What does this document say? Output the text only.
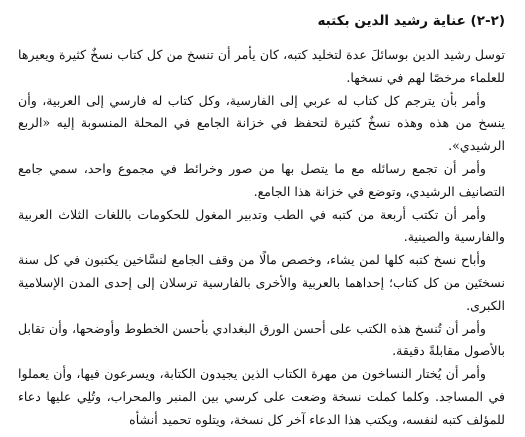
(٢-٢) عناية رشيد الدين بكتبه

توسل رشيد الدين بوسائلَ عدة لتخليد كتبه، كان يأمر أن تنسخ من كل كتاب نسخٌ كثيرة ويعيرها للعلماء مرخصًا لهم في نسخها.

وأمر بأن يترجم كل كتاب له عربي إلى الفارسية، وكل كتاب له فارسي إلى العربية، وأن ينسخ من هذه وهذه نسخٌ كثيرة لتحفظ في خزانة الجامع في المحلة المنسوبة إليه «الربع الرشيدي».

وأمر أن تجمع رسائله مع ما يتصل بها من صور وخرائط في مجموع واحد، سمي جامع التصانيف الرشيدي، وتوضع في خزانة هذا الجامع.

وأمر أن تكتب أربعة من كتبه في الطب وتدبير المغول للحكومات باللغات الثلاث العربية والفارسية والصينية.

وأباح نسخ كتبه كلها لمن يشاء، وخصص مالًا من وقف الجامع لنسَّاخين يكتبون في كل سنة نسختَين من كل كتاب؛ إحداهما بالعربية والأخرى بالفارسية ترسلان إلى إحدى المدن الإسلامية الكبرى.

وأمر أن تُنسخ هذه الكتب على أحسن الورق البغدادي بأحسن الخطوط وأوضحها، وأن تقابل بالأصول مقابلةً دقيقة.

وأمر أن يُختار النساخون من مهرة الكتاب الذين يجيدون الكتابة، ويسرعون فيها، وأن يعملوا في المساجد. وكلما كملت نسخة وضعت على كرسي بين المنبر والمحراب، وتُلِي عليها دعاء للمؤلف كتبه لنفسه، ويكتب هذا الدعاء آخر كل نسخة، ويتلوه تحميد أنشأه
